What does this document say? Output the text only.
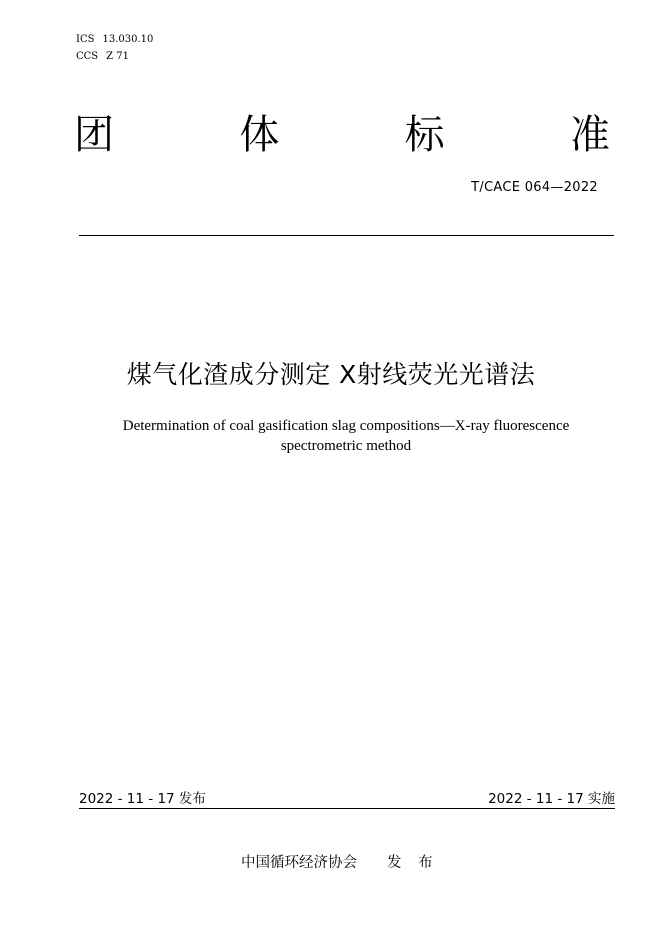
ICS 13.030.10
CCS Z 71
团	体	标	准
T/CACE 064—2022
煤气化渣成分测定 X射线荧光光谱法
Determination of coal gasification slag compositions—X-ray fluorescence
spectrometric method
2022 - 11 - 17 发布	2022 - 11 - 17 实施
中国循环经济协会 发 布
